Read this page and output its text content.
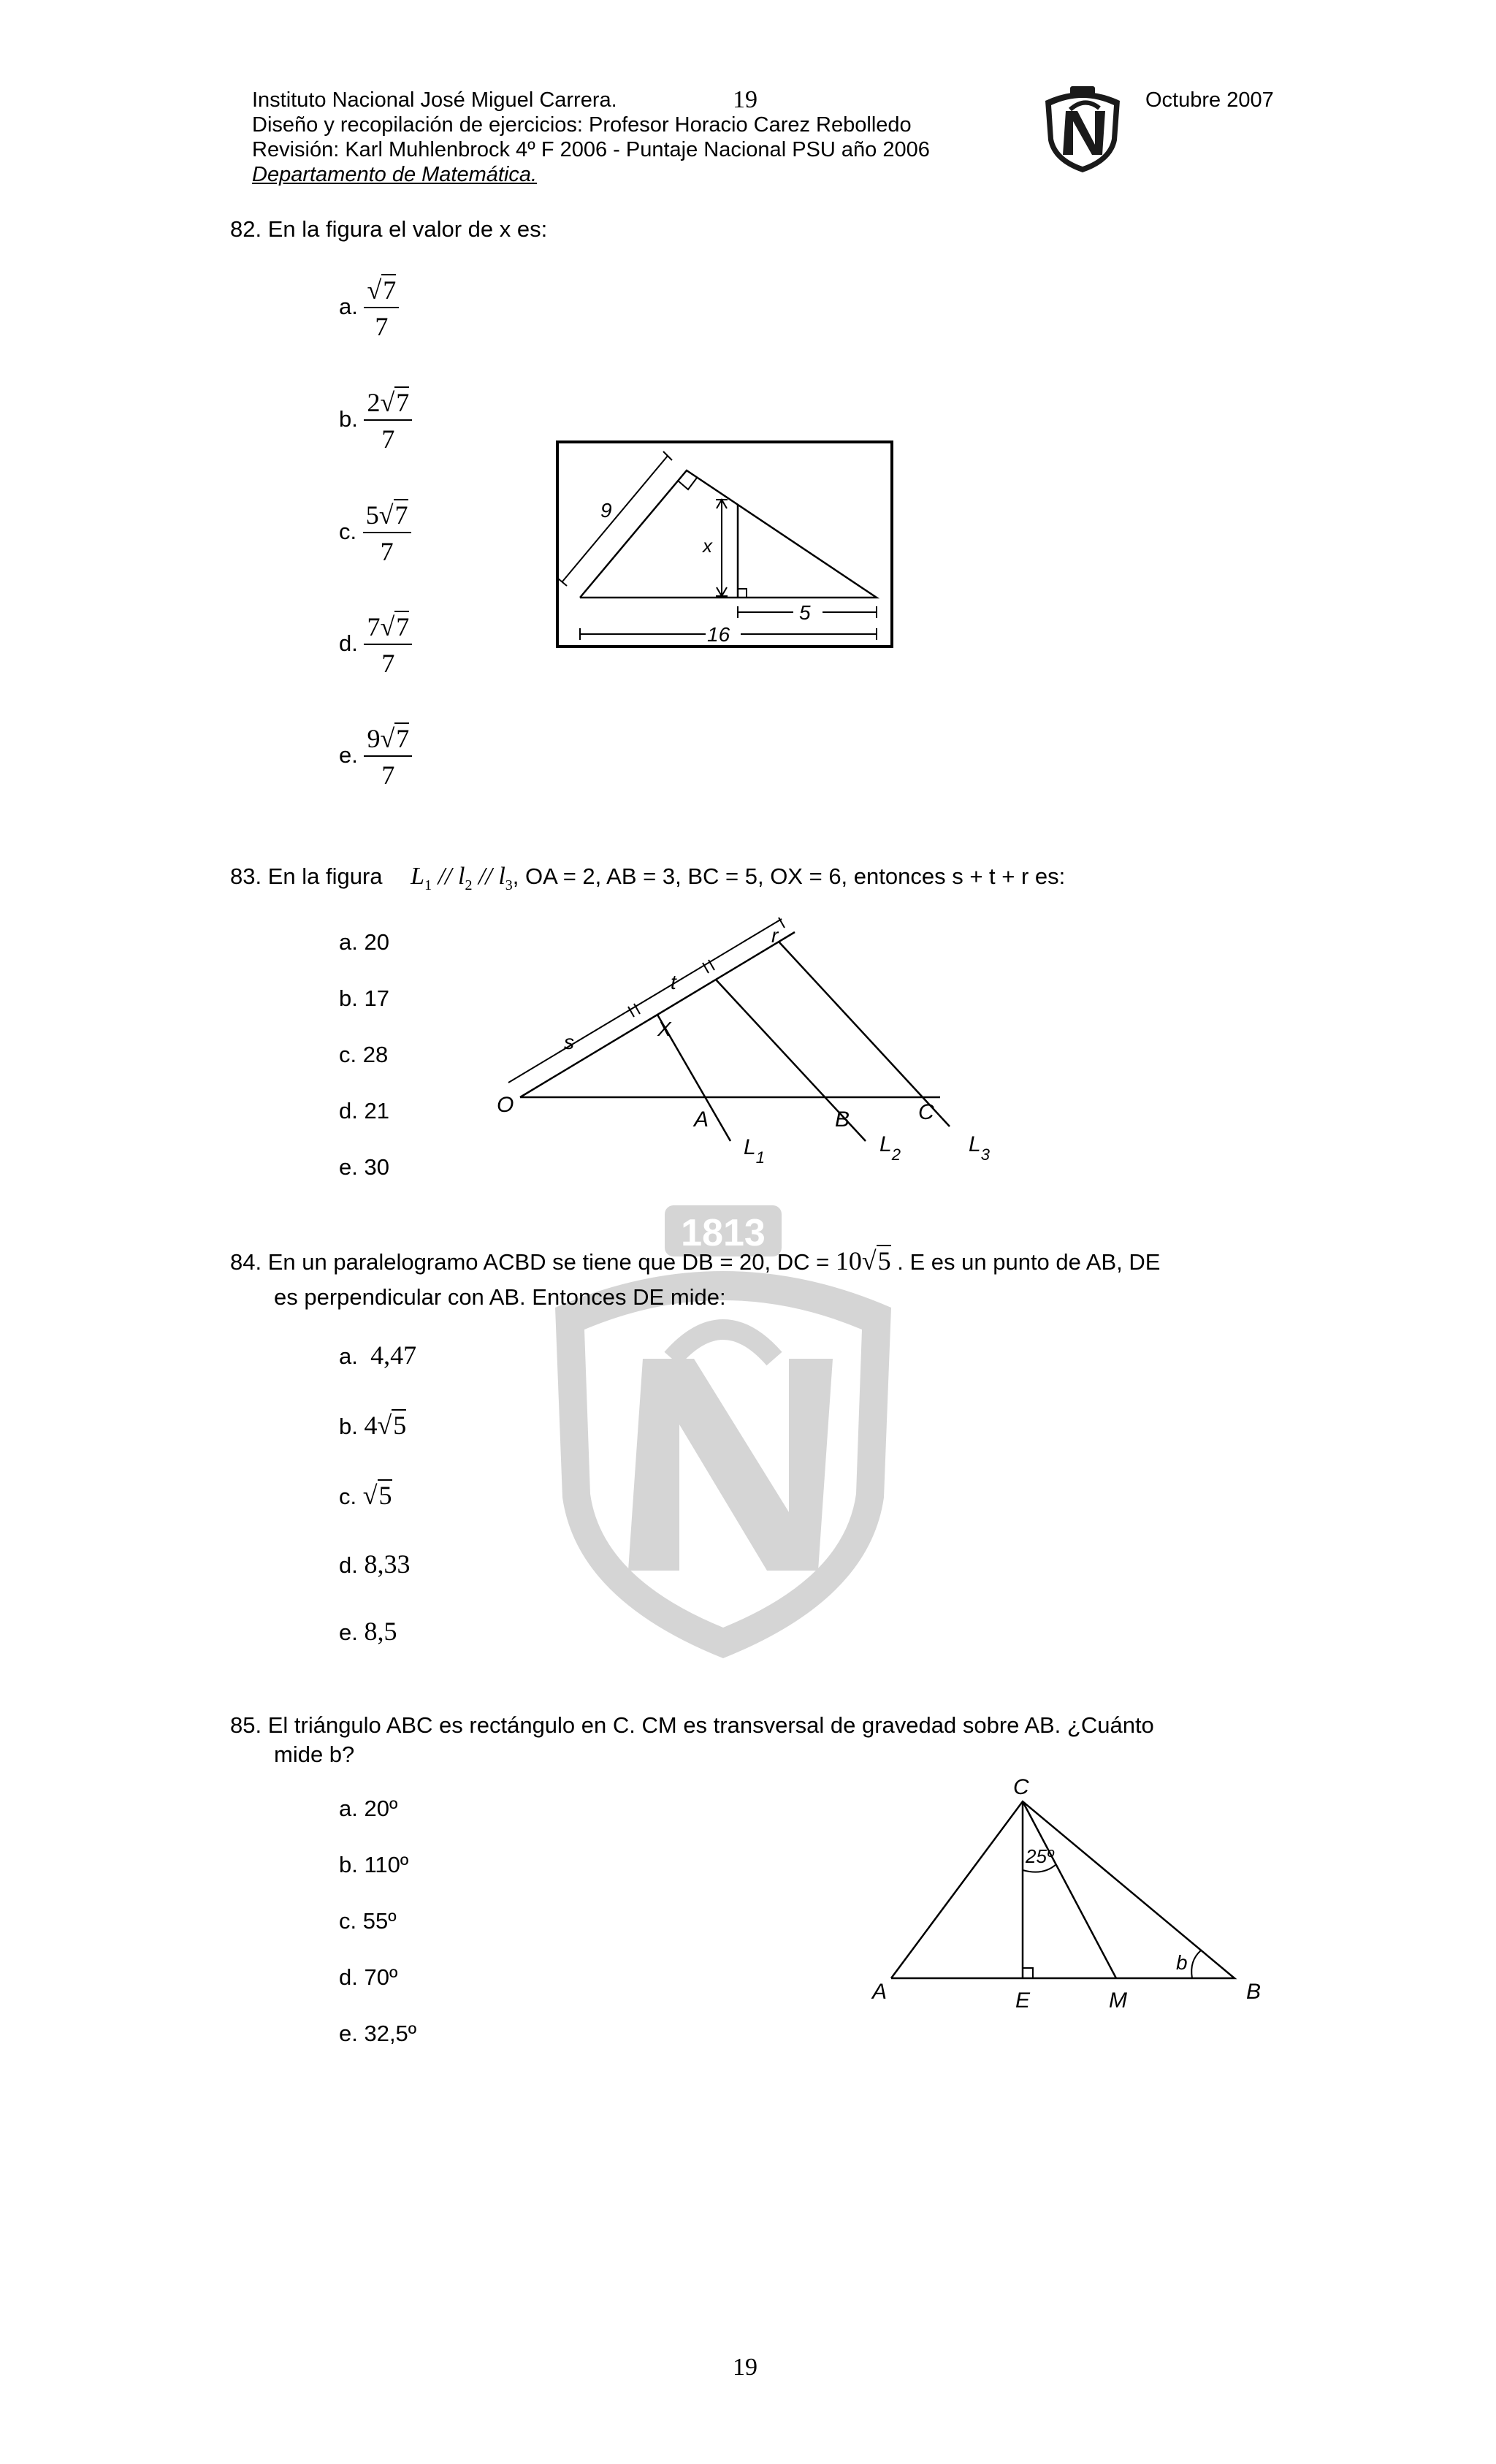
Instituto Nacional José Miguel Carrera.	19	Octubre 2007
Diseño y recopilación de ejercicios: Profesor Horacio Carez Rebolledo
Revisión: Karl Muhlenbrock 4º F 2006 - Puntaje Nacional PSU año 2006
Departamento de Matemática.
1813
82. En la figura el valor de x es:
a. $\frac{√7}{7}$
b. $\frac{2√7}{7}$
c. $\frac{5√7}{7}$
d. $\frac{7√7}{7}$
e. $\frac{9√7}{7}$
x
9
5
16
83. En la figura $L_1 // l_2 // l_3$, OA = 2, AB = 3, BC = 5, OX = 6, entonces s + t + r es:
a. 20
b. 17
c. 28
d. 21
e. 30
O
A	B	C
X
s
t
r
$L_1$
$L_2$	$L_3$
84. En un paralelogramo ACBD se tiene que DB = 20, DC = 10√5 . E es un punto de AB, DE
es perpendicular con AB. Entonces DE mide:
a. 4,47
b. 4√5
c. √5
d. 8,33
e. 8,5
85. El triángulo ABC es rectángulo en C. CM es transversal de gravedad sobre AB. ¿Cuánto
mide b?
a. 20º
b. 110º
c. 55º
d. 70º
e. 32,5º
C
A	B
E	M
25º
b
19
